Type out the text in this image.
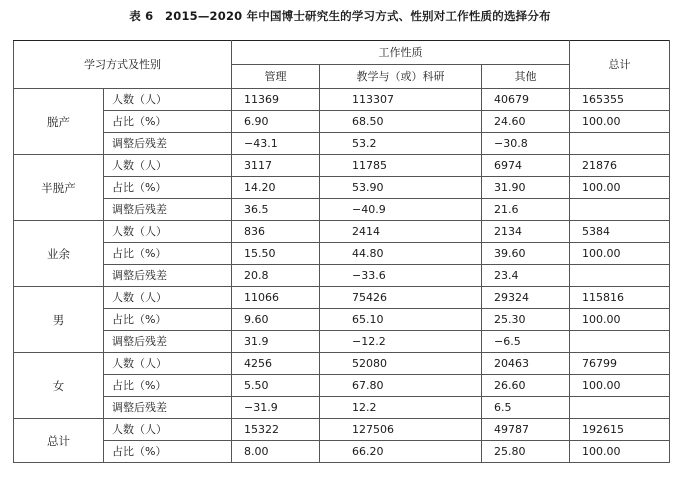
表 6　2015—2020 年中国博士研究生的学习方式、性别对工作性质的选择分布
学习方式及性别		工作性质			总计
		管理	教学与（或）科研	其他	
脱产	人数（人）	11369	113307	40679	165355
	占比（%）	6.90	68.50	24.60	100.00
	调整后残差	−43.1	53.2	−30.8	
半脱产	人数（人）	3117	11785	6974	21876
	占比（%）	14.20	53.90	31.90	100.00
	调整后残差	36.5	−40.9	21.6	
业余	人数（人）	836	2414	2134	5384
	占比（%）	15.50	44.80	39.60	100.00
	调整后残差	20.8	−33.6	23.4	
男	人数（人）	11066	75426	29324	115816
	占比（%）	9.60	65.10	25.30	100.00
	调整后残差	31.9	−12.2	−6.5	
女	人数（人）	4256	52080	20463	76799
	占比（%）	5.50	67.80	26.60	100.00
	调整后残差	−31.9	12.2	6.5	
总计	人数（人）	15322	127506	49787	192615
	占比（%）	8.00	66.20	25.80	100.00
